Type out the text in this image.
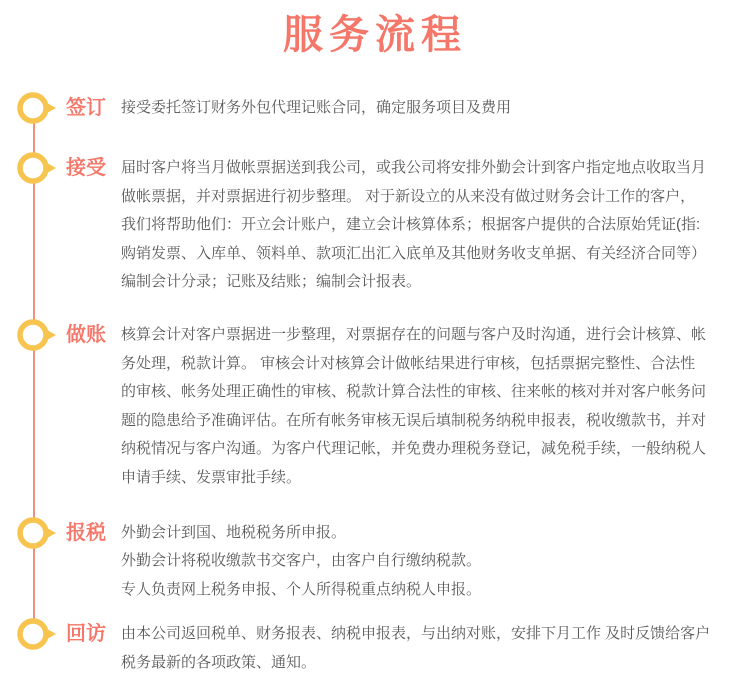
服务流程
签订	接受委托签订财务外包代理记账合同，确定服务项目及费用
接受	届时客户将当月做帐票据送到我公司，或我公司将安排外勤会计到客户指定地点收取当月
做帐票据，并对票据进行初步整理。 对于新设立的从来没有做过财务会计工作的客户，
我们将帮助他们：开立会计账户，建立会计核算体系；根据客户提供的合法原始凭证(指:
购销发票、入库单、领料单、款项汇出汇入底单及其他财务收支单据、有关经济合同等）
编制会计分录；记账及结账；编制会计报表。
做账	核算会计对客户票据进一步整理，对票据存在的问题与客户及时沟通，进行会计核算、帐
务处理，税款计算。 审核会计对核算会计做帐结果进行审核，包括票据完整性、合法性
的审核、帐务处理正确性的审核、税款计算合法性的审核、往来帐的核对并对客户帐务问
题的隐患给予准确评估。在所有帐务审核无误后填制税务纳税申报表，税收缴款书，并对
纳税情况与客户沟通。为客户代理记帐，并免费办理税务登记，减免税手续，一般纳税人
申请手续、发票审批手续。
报税	外勤会计到国、地税税务所申报。
外勤会计将税收缴款书交客户，由客户自行缴纳税款。
专人负责网上税务申报、个人所得税重点纳税人申报。
回访	由本公司返回税单、财务报表、纳税申报表，与出纳对账，安排下月工作 及时反馈给客户
税务最新的各项政策、通知。
